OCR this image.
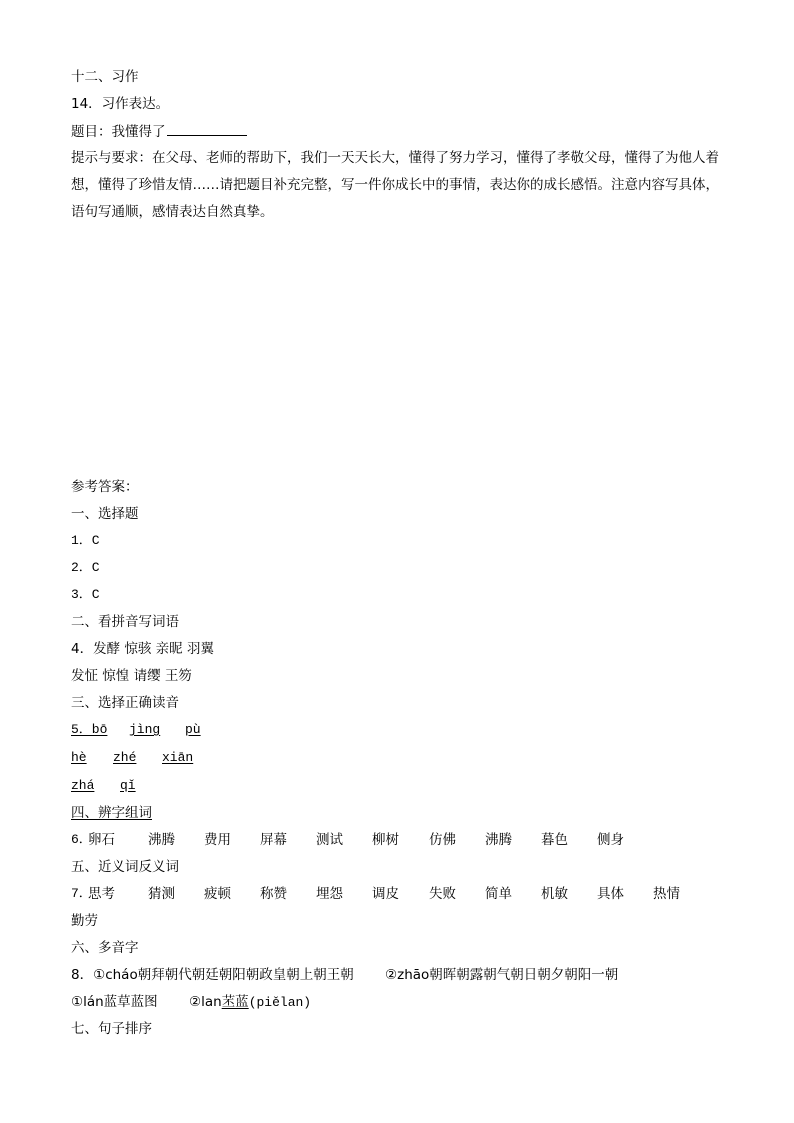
十二、习作
14．习作表达。
题目：我懂得了
提示与要求：在父母、老师的帮助下，我们一天天长大，懂得了努力学习，懂得了孝敬父母，懂得了为他人着想，懂得了珍惜友情……请把题目补充完整，写一件你成长中的事情，表达你的成长感悟。注意内容写具体，语句写通顺，感情表达自然真挚。
参考答案：
一、选择题
1．C
2．C
3．C
二、看拼音写词语
4．发酵 惊骇 亲昵 羽翼
发怔 惊惶 请缨 王笏
三、选择正确读音
5．bō jìng pù
hè zhé xiān
zhá qǐ
四、辨字组词
6．
卵石 沸腾 费用 屏幕 测试 柳树 仿佛 沸腾 暮色 侧身
五、近义词反义词
7．
思考 猜测 疲顿 称赞 埋怨 调皮 失败 简单 机敏 具体 热情
勤劳
六、多音字
8．①cháo朝拜朝代朝廷朝阳朝政皇朝上朝王朝 ②zhāo朝晖朝露朝气朝日朝夕朝阳一朝
①lán蓝草蓝图 ②lan苤蓝(piělan)
七、句子排序
